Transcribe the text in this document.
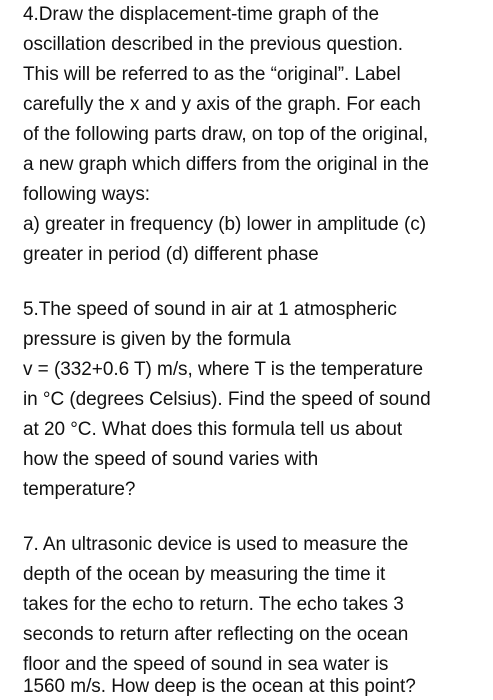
4.Draw the displacement-time graph of the
oscillation described in the previous question.
This will be referred to as the “original”. Label
carefully the x and y axis of the graph. For each
of the following parts draw, on top of the original,
a new graph which differs from the original in the
following ways:
a) greater in frequency (b) lower in amplitude (c)
greater in period (d) different phase
5.The speed of sound in air at 1 atmospheric
pressure is given by the formula
v = (332+0.6 T) m/s, where T is the temperature
in °C (degrees Celsius). Find the speed of sound
at 20 °C. What does this formula tell us about
how the speed of sound varies with
temperature?
7. An ultrasonic device is used to measure the
depth of the ocean by measuring the time it
takes for the echo to return. The echo takes 3
seconds to return after reflecting on the ocean
floor and the speed of sound in sea water is
1560 m/s. How deep is the ocean at this point?
